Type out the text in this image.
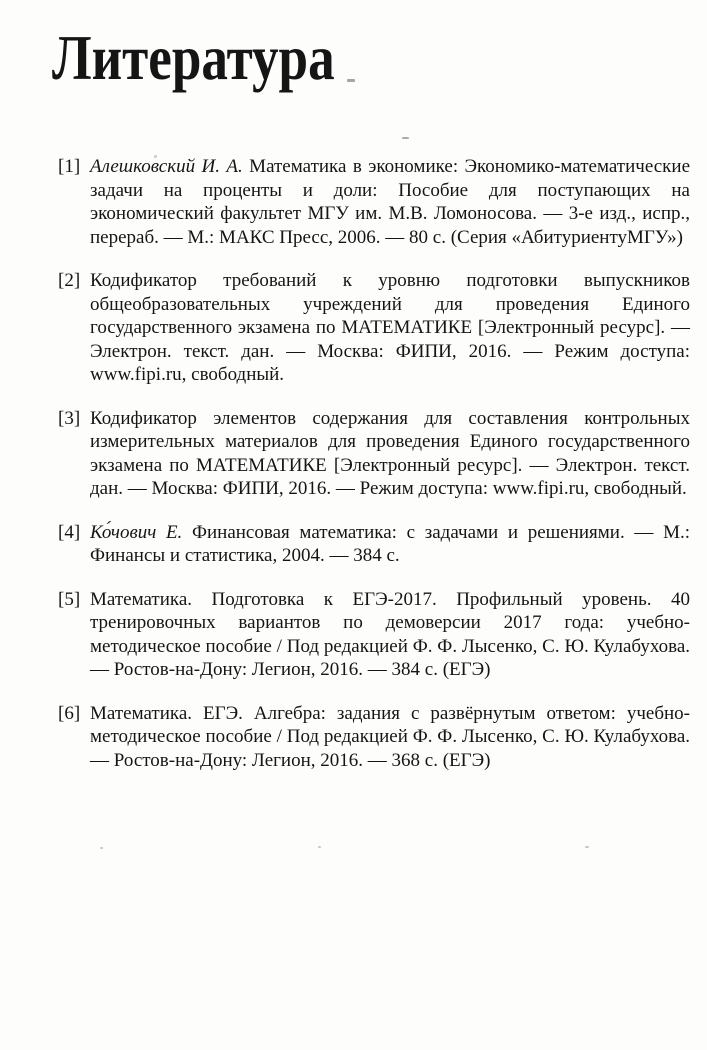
Литература
[1] Алешковский И. А. Математика в экономике: Экономико-математические задачи на проценты и доли: Пособие для поступающих на экономический факультет МГУ им. М.В. Ломоносова. — 3-е изд., испр., перераб. — М.: МАКС Пресс, 2006. — 80 с. (Серия «АбитуриентуМГУ»)
[2] Кодификатор требований к уровню подготовки выпускников общеобразовательных учреждений для проведения Единого государственного экзамена по МАТЕМАТИКЕ [Электронный ресурс]. — Электрон. текст. дан. — Москва: ФИПИ, 2016. — Режим доступа: www.fipi.ru, свободный.
[3] Кодификатор элементов содержания для составления контрольных измерительных материалов для проведения Единого государственного экзамена по МАТЕМАТИКЕ [Электронный ресурс]. — Электрон. текст. дан. — Москва: ФИПИ, 2016. — Режим доступа: www.fipi.ru, свободный.
[4] Ко́чович Е. Финансовая математика: с задачами и решениями. — М.: Финансы и статистика, 2004. — 384 с.
[5] Математика. Подготовка к ЕГЭ-2017. Профильный уровень. 40 тренировочных вариантов по демоверсии 2017 года: учебно-методическое пособие / Под редакцией Ф. Ф. Лысенко, С. Ю. Кулабухова. — Ростов-на-Дону: Легион, 2016. — 384 с. (ЕГЭ)
[6] Математика. ЕГЭ. Алгебра: задания с развёрнутым ответом: учебно-методическое пособие / Под редакцией Ф. Ф. Лысенко, С. Ю. Кулабухова. — Ростов-на-Дону: Легион, 2016. — 368 с. (ЕГЭ)
